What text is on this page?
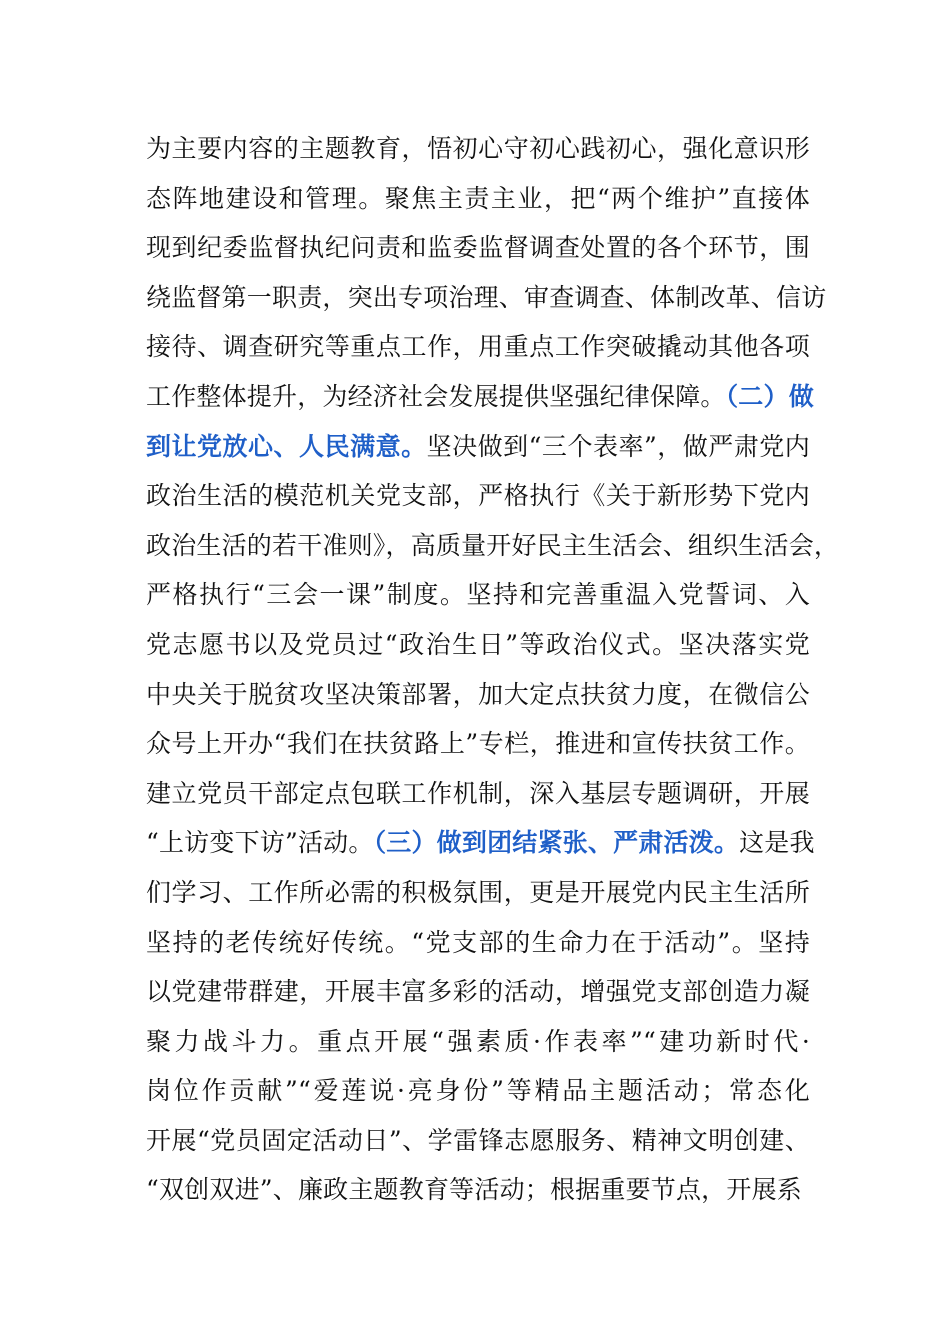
为主要内容的主题教育，悟初心守初心践初心，强化意识形
态阵地建设和管理。聚焦主责主业，把“两个维护”直接体
现到纪委监督执纪问责和监委监督调查处置的各个环节，围
绕监督第一职责，突出专项治理、审查调查、体制改革、信访
接待、调查研究等重点工作，用重点工作突破撬动其他各项
工作整体提升，为经济社会发展提供坚强纪律保障。（二）做
到让党放心、人民满意。坚决做到“三个表率”，做严肃党内
政治生活的模范机关党支部，严格执行《关于新形势下党内
政治生活的若干准则》，高质量开好民主生活会、组织生活会，
严格执行“三会一课”制度。坚持和完善重温入党誓词、入
党志愿书以及党员过“政治生日”等政治仪式。坚决落实党
中央关于脱贫攻坚决策部署，加大定点扶贫力度，在微信公
众号上开办“我们在扶贫路上”专栏，推进和宣传扶贫工作。
建立党员干部定点包联工作机制，深入基层专题调研，开展
“上访变下访”活动。（三）做到团结紧张、严肃活泼。这是我
们学习、工作所必需的积极氛围，更是开展党内民主生活所
坚持的老传统好传统。“党支部的生命力在于活动”。坚持
以党建带群建，开展丰富多彩的活动，增强党支部创造力凝
聚力战斗力。重点开展“强素质·作表率”“建功新时代·
岗位作贡献”“爱莲说·亮身份”等精品主题活动；常态化
开展“党员固定活动日”、学雷锋志愿服务、精神文明创建、
“双创双进”、廉政主题教育等活动；根据重要节点，开展系
